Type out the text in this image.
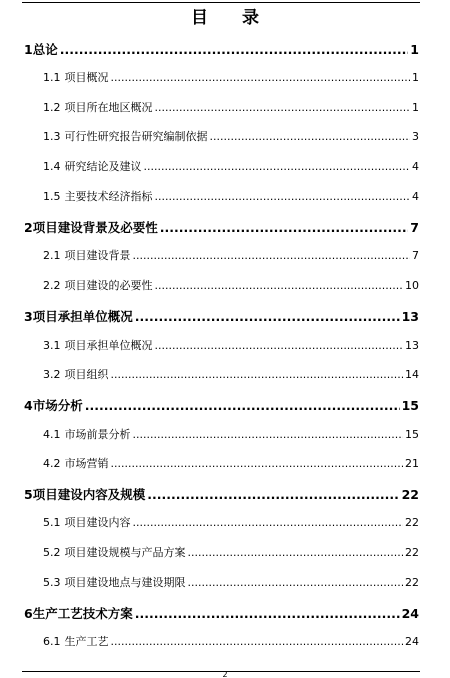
目 录
1 总论 .....	1
1.1 项目概况 .....	1
1.2 项目所在地区概况 .....	1
1.3 可行性研究报告研究编制依据 .....	3
1.4 研究结论及建议 .....	4
1.5 主要技术经济指标 .....	4
2 项目建设背景及必要性 .....	7
2.1 项目建设背景 .....	7
2.2 项目建设的必要性 .....	10
3 项目承担单位概况 .....	13
3.1 项目承担单位概况 .....	13
3.2 项目组织 .....	14
4 市场分析 .....	15
4.1 市场前景分析 .....	15
4.2 市场营销 .....	21
5 项目建设内容及规模 .....	22
5.1 项目建设内容 .....	22
5.2 项目建设规模与产品方案 .....	22
5.3 项目建设地点与建设期限 .....	22
6 生产工艺技术方案 .....	24
6.1 生产工艺 .....	24
2
